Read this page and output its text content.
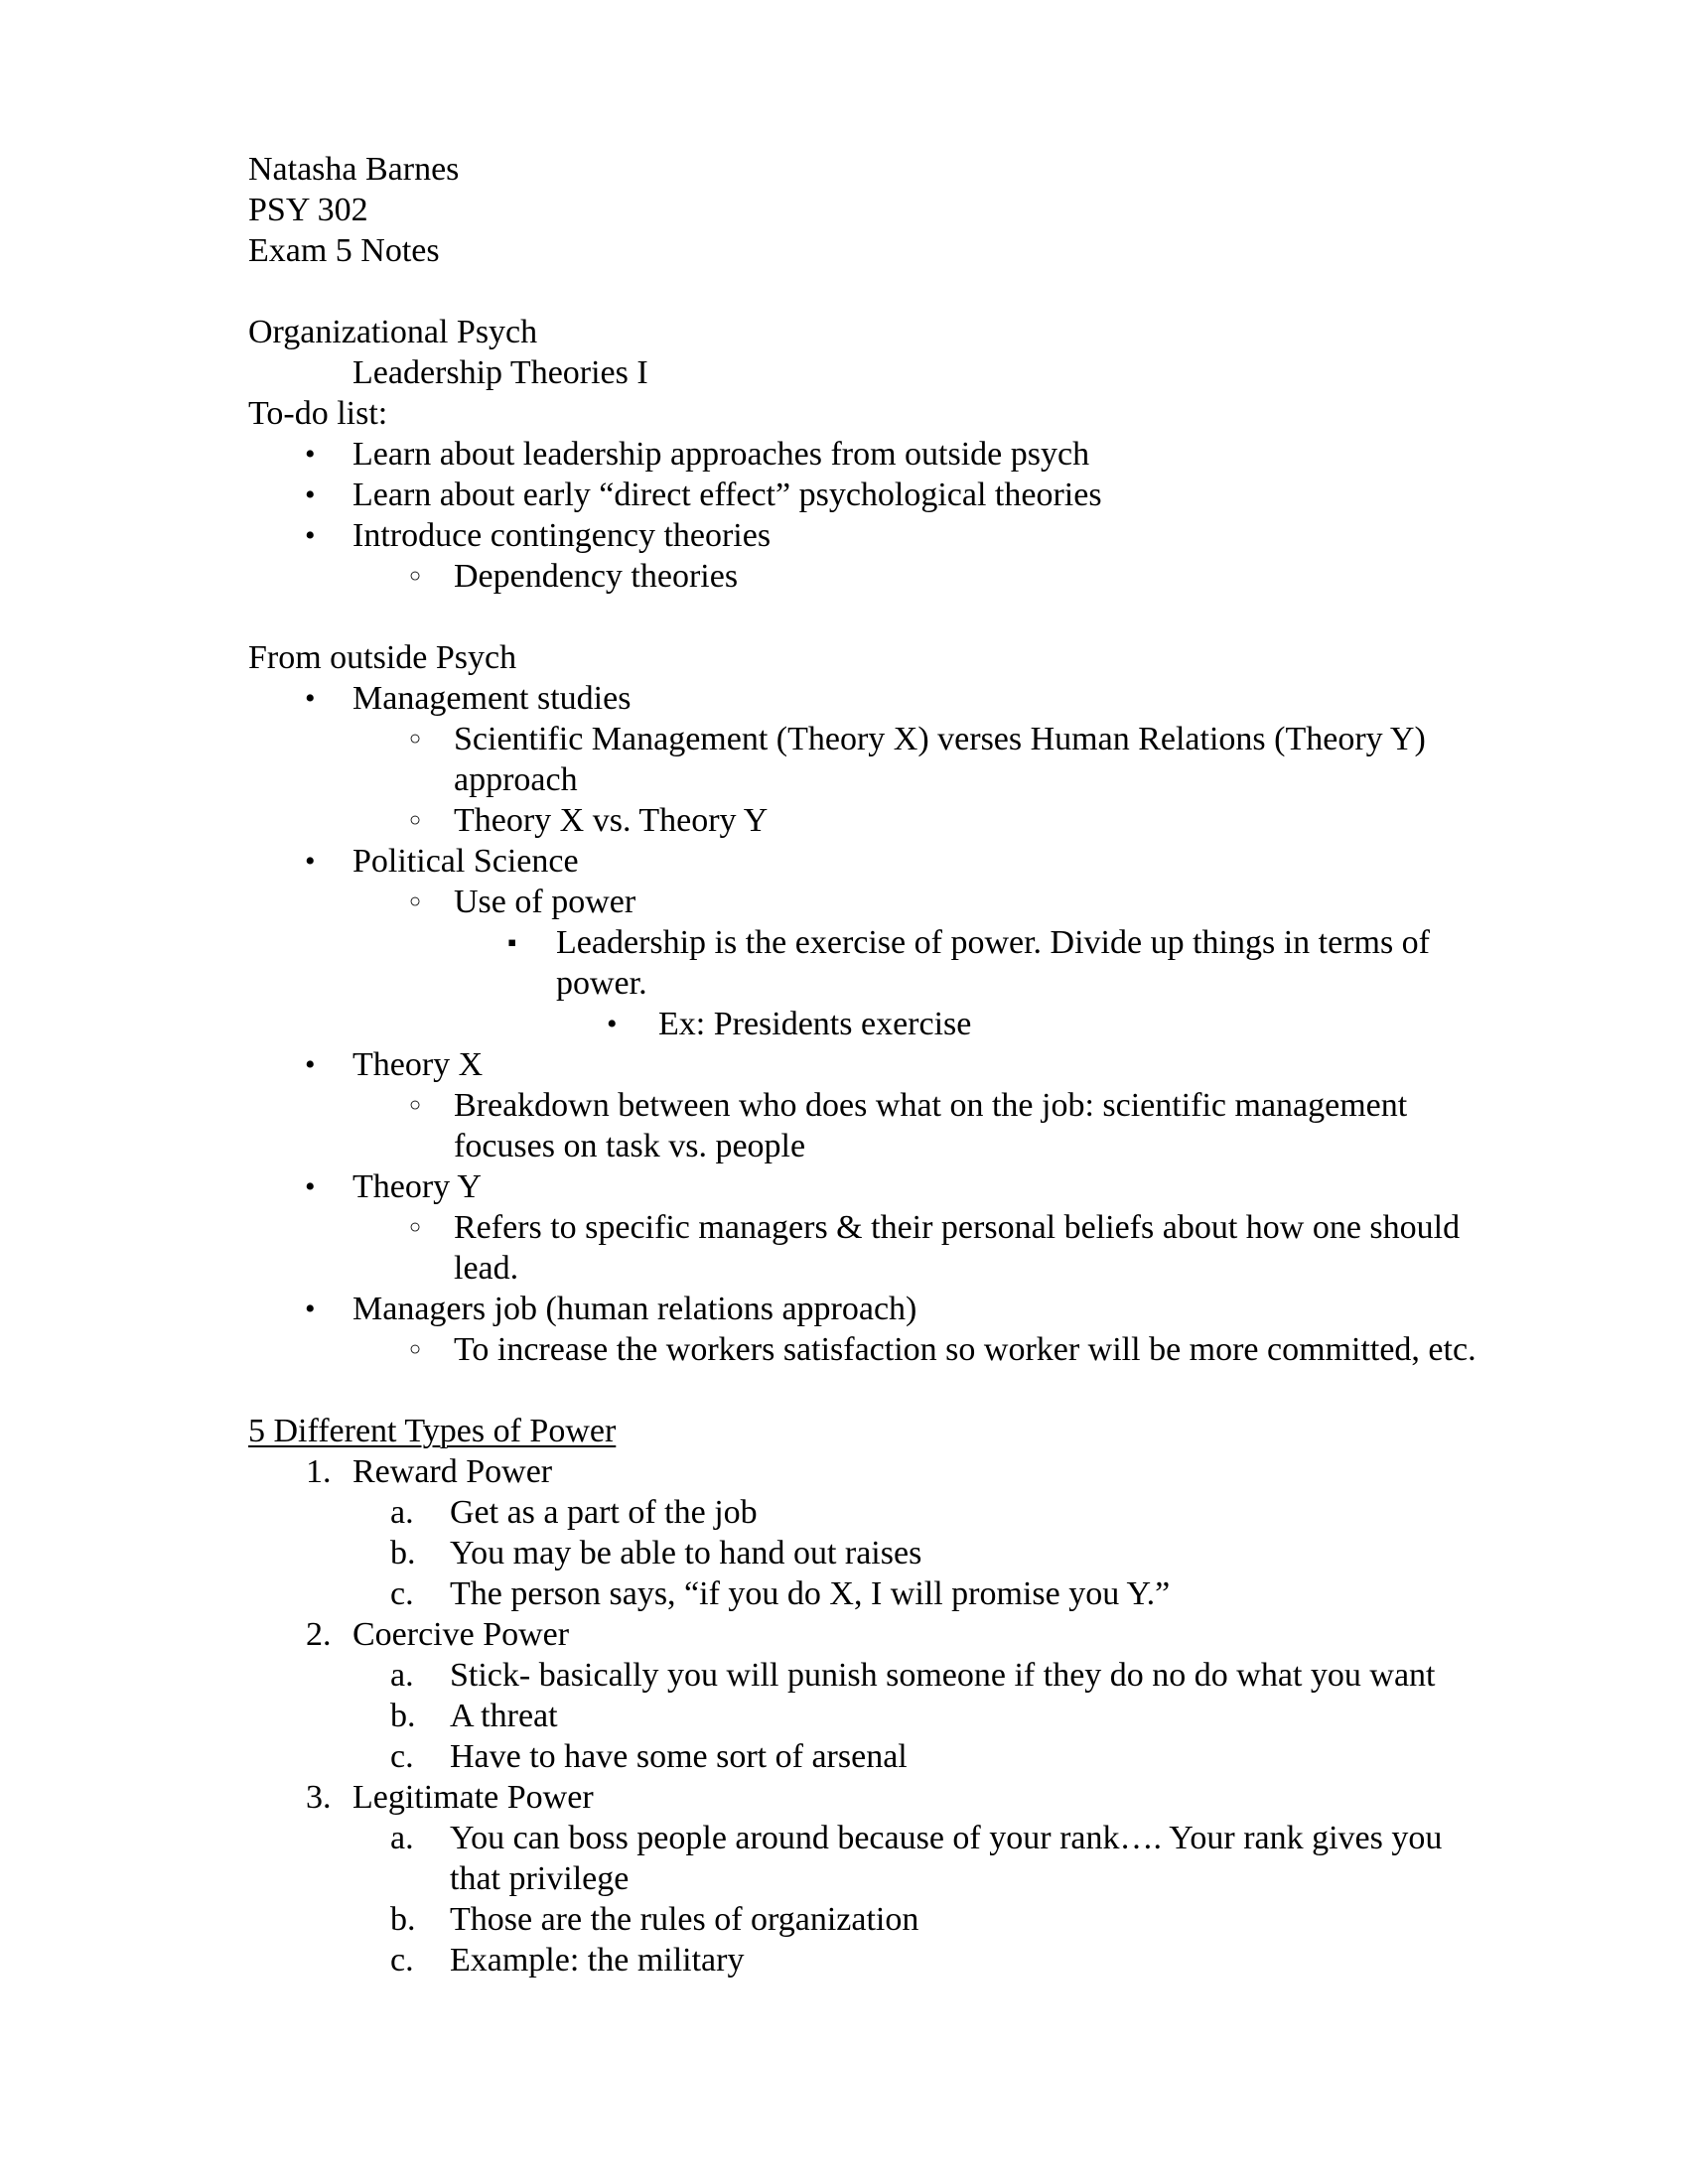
Natasha Barnes
PSY 302
Exam 5 Notes
Organizational Psych
Leadership Theories I
To-do list:
• Learn about leadership approaches from outside psych
• Learn about early “direct effect” psychological theories
• Introduce contingency theories
○ Dependency theories
From outside Psych
• Management studies
○ Scientific Management (Theory X) verses Human Relations (Theory Y) approach
○ Theory X vs. Theory Y
• Political Science
○ Use of power
▪ Leadership is the exercise of power. Divide up things in terms of power.
• Ex: Presidents exercise
• Theory X
○ Breakdown between who does what on the job: scientific management focuses on task vs. people
• Theory Y
○ Refers to specific managers & their personal beliefs about how one should lead.
• Managers job (human relations approach)
○ To increase the workers satisfaction so worker will be more committed, etc.
5 Different Types of Power
1. Reward Power
a. Get as a part of the job
b. You may be able to hand out raises
c. The person says, “if you do X, I will promise you Y.”
2. Coercive Power
a. Stick- basically you will punish someone if they do no do what you want
b. A threat
c. Have to have some sort of arsenal
3. Legitimate Power
a. You can boss people around because of your rank…. Your rank gives you that privilege
b. Those are the rules of organization
c. Example: the military
